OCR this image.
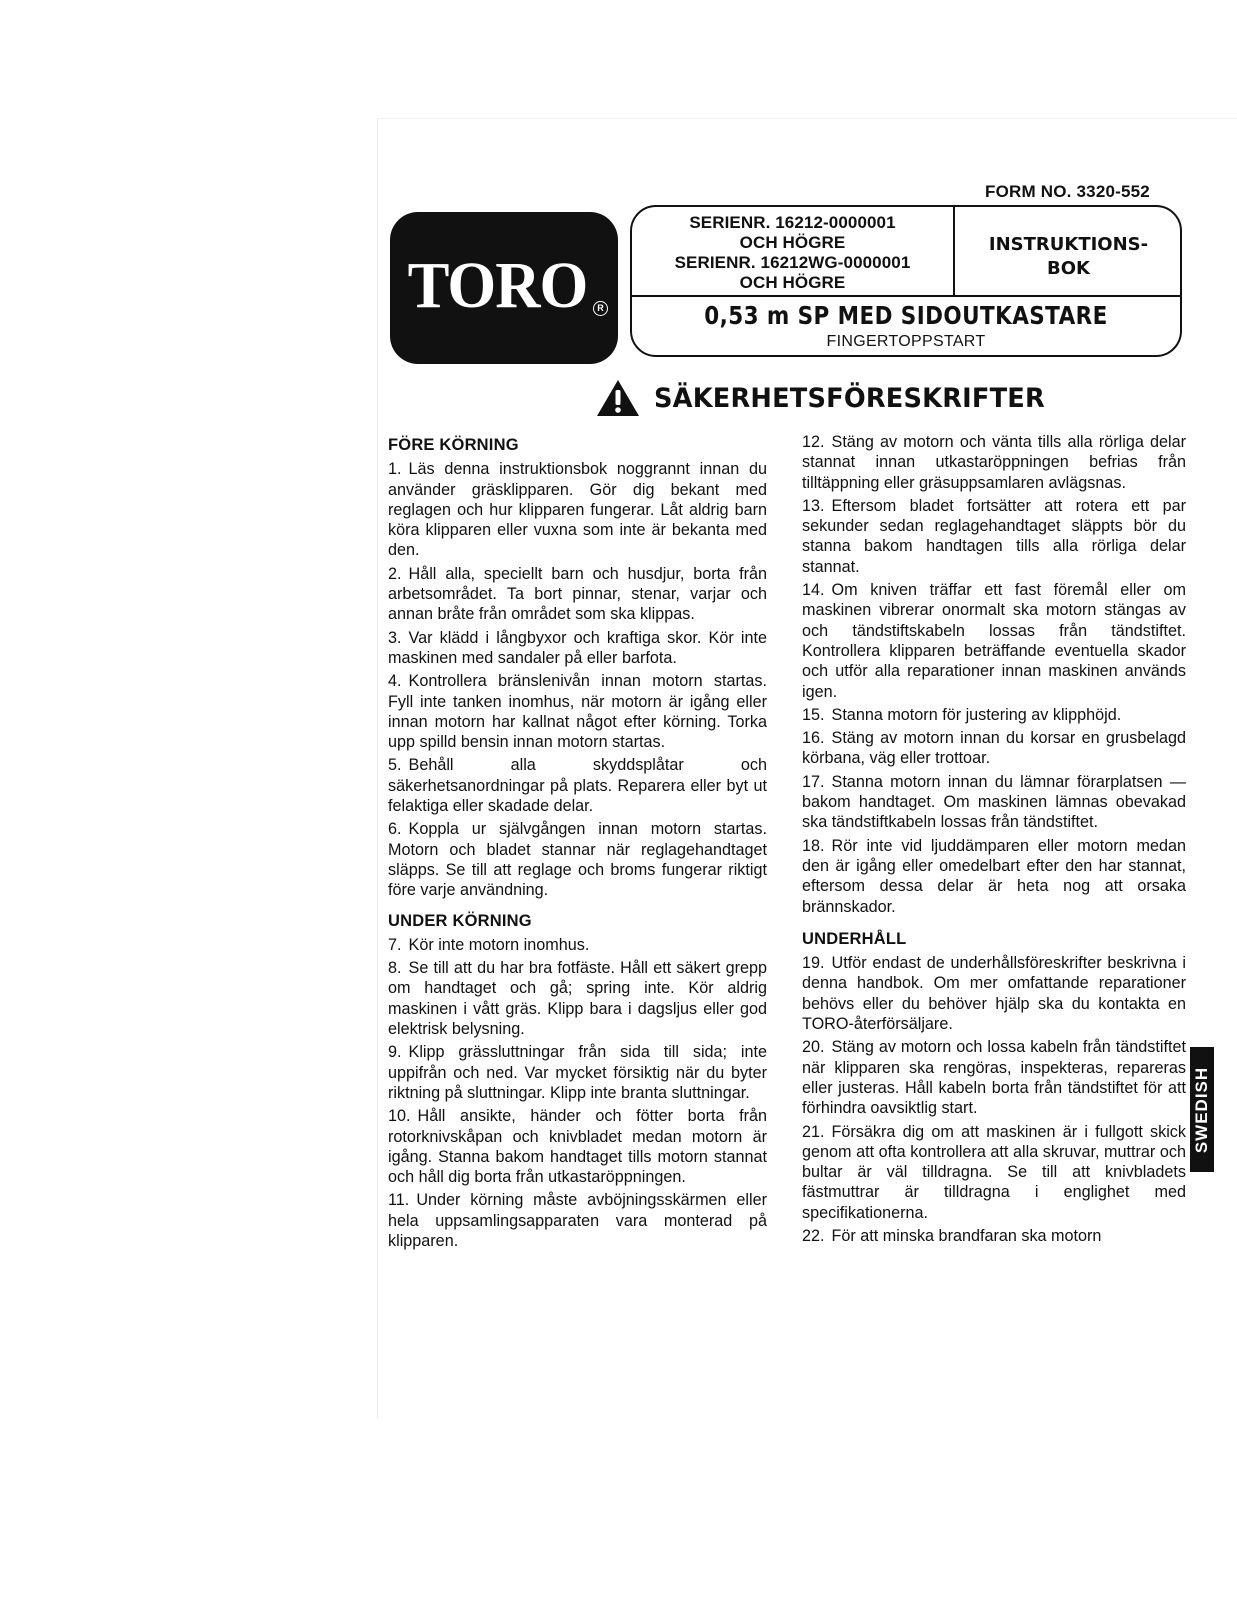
FORM NO. 3320-552
TORO	R
SERIENR. 16212-0000001
OCH HÖGRE
SERIENR. 16212WG-0000001
OCH HÖGRE
INSTRUKTIONS-
BOK
0,53 m SP MED SIDOUTKASTARE
FINGERTOPPSTART
SÄKERHETSFÖRESKRIFTER
FÖRE KÖRNING
1. Läs denna instruktionsbok noggrannt innan du använder gräsklipparen. Gör dig bekant med reglagen och hur klipparen fungerar. Låt aldrig barn köra klipparen eller vuxna som inte är bekanta med den.
2. Håll alla, speciellt barn och husdjur, borta från arbetsområdet. Ta bort pinnar, stenar, varjar och annan bråte från området som ska klippas.
3. Var klädd i långbyxor och kraftiga skor. Kör inte maskinen med sandaler på eller barfota.
4. Kontrollera bränslenivån innan motorn startas. Fyll inte tanken inomhus, när motorn är igång eller innan motorn har kallnat något efter körning. Torka upp spilld bensin innan motorn startas.
5. Behåll alla skyddsplåtar och säkerhetsanordningar på plats. Reparera eller byt ut felaktiga eller skadade delar.
6. Koppla ur självgången innan motorn startas. Motorn och bladet stannar när reglagehandtaget släpps. Se till att reglage och broms fungerar riktigt före varje användning.
UNDER KÖRNING
7. Kör inte motorn inomhus.
8. Se till att du har bra fotfäste. Håll ett säkert grepp om handtaget och gå; spring inte. Kör aldrig maskinen i vått gräs. Klipp bara i dagsljus eller god elektrisk belysning.
9. Klipp grässluttningar från sida till sida; inte uppifrån och ned. Var mycket försiktig när du byter riktning på sluttningar. Klipp inte branta sluttningar.
10. Håll ansikte, händer och fötter borta från rotorknivskåpan och knivbladet medan motorn är igång. Stanna bakom handtaget tills motorn stannat och håll dig borta från utkastaröppningen.
11. Under körning måste avböjningsskärmen eller hela uppsamlingsapparaten vara monterad på klipparen.
12. Stäng av motorn och vänta tills alla rörliga delar stannat innan utkastaröppningen befrias från tilltäppning eller gräsuppsamlaren avlägsnas.
13. Eftersom bladet fortsätter att rotera ett par sekunder sedan reglagehandtaget släppts bör du stanna bakom handtagen tills alla rörliga delar stannat.
14. Om kniven träffar ett fast föremål eller om maskinen vibrerar onormalt ska motorn stängas av och tändstiftskabeln lossas från tändstiftet. Kontrollera klipparen beträffande eventuella skador och utför alla reparationer innan maskinen används igen.
15. Stanna motorn för justering av klipphöjd.
16. Stäng av motorn innan du korsar en grusbelagd körbana, väg eller trottoar.
17. Stanna motorn innan du lämnar förarplatsen — bakom handtaget. Om maskinen lämnas obevakad ska tändstiftkabeln lossas från tändstiftet.
18. Rör inte vid ljuddämparen eller motorn medan den är igång eller omedelbart efter den har stannat, eftersom dessa delar är heta nog att orsaka brännskador.
UNDERHÅLL
19. Utför endast de underhållsföreskrifter beskrivna i denna handbok. Om mer omfattande reparationer behövs eller du behöver hjälp ska du kontakta en TORO-återförsäljare.
20. Stäng av motorn och lossa kabeln från tändstiftet när klipparen ska rengöras, inspekteras, repareras eller justeras. Håll kabeln borta från tändstiftet för att förhindra oavsiktlig start.
21. Försäkra dig om att maskinen är i fullgott skick genom att ofta kontrollera att alla skruvar, muttrar och bultar är väl tilldragna. Se till att knivbladets fästmuttrar är tilldragna i englighet med specifikationerna.
22. För att minska brandfaran ska motorn
SWEDISH
